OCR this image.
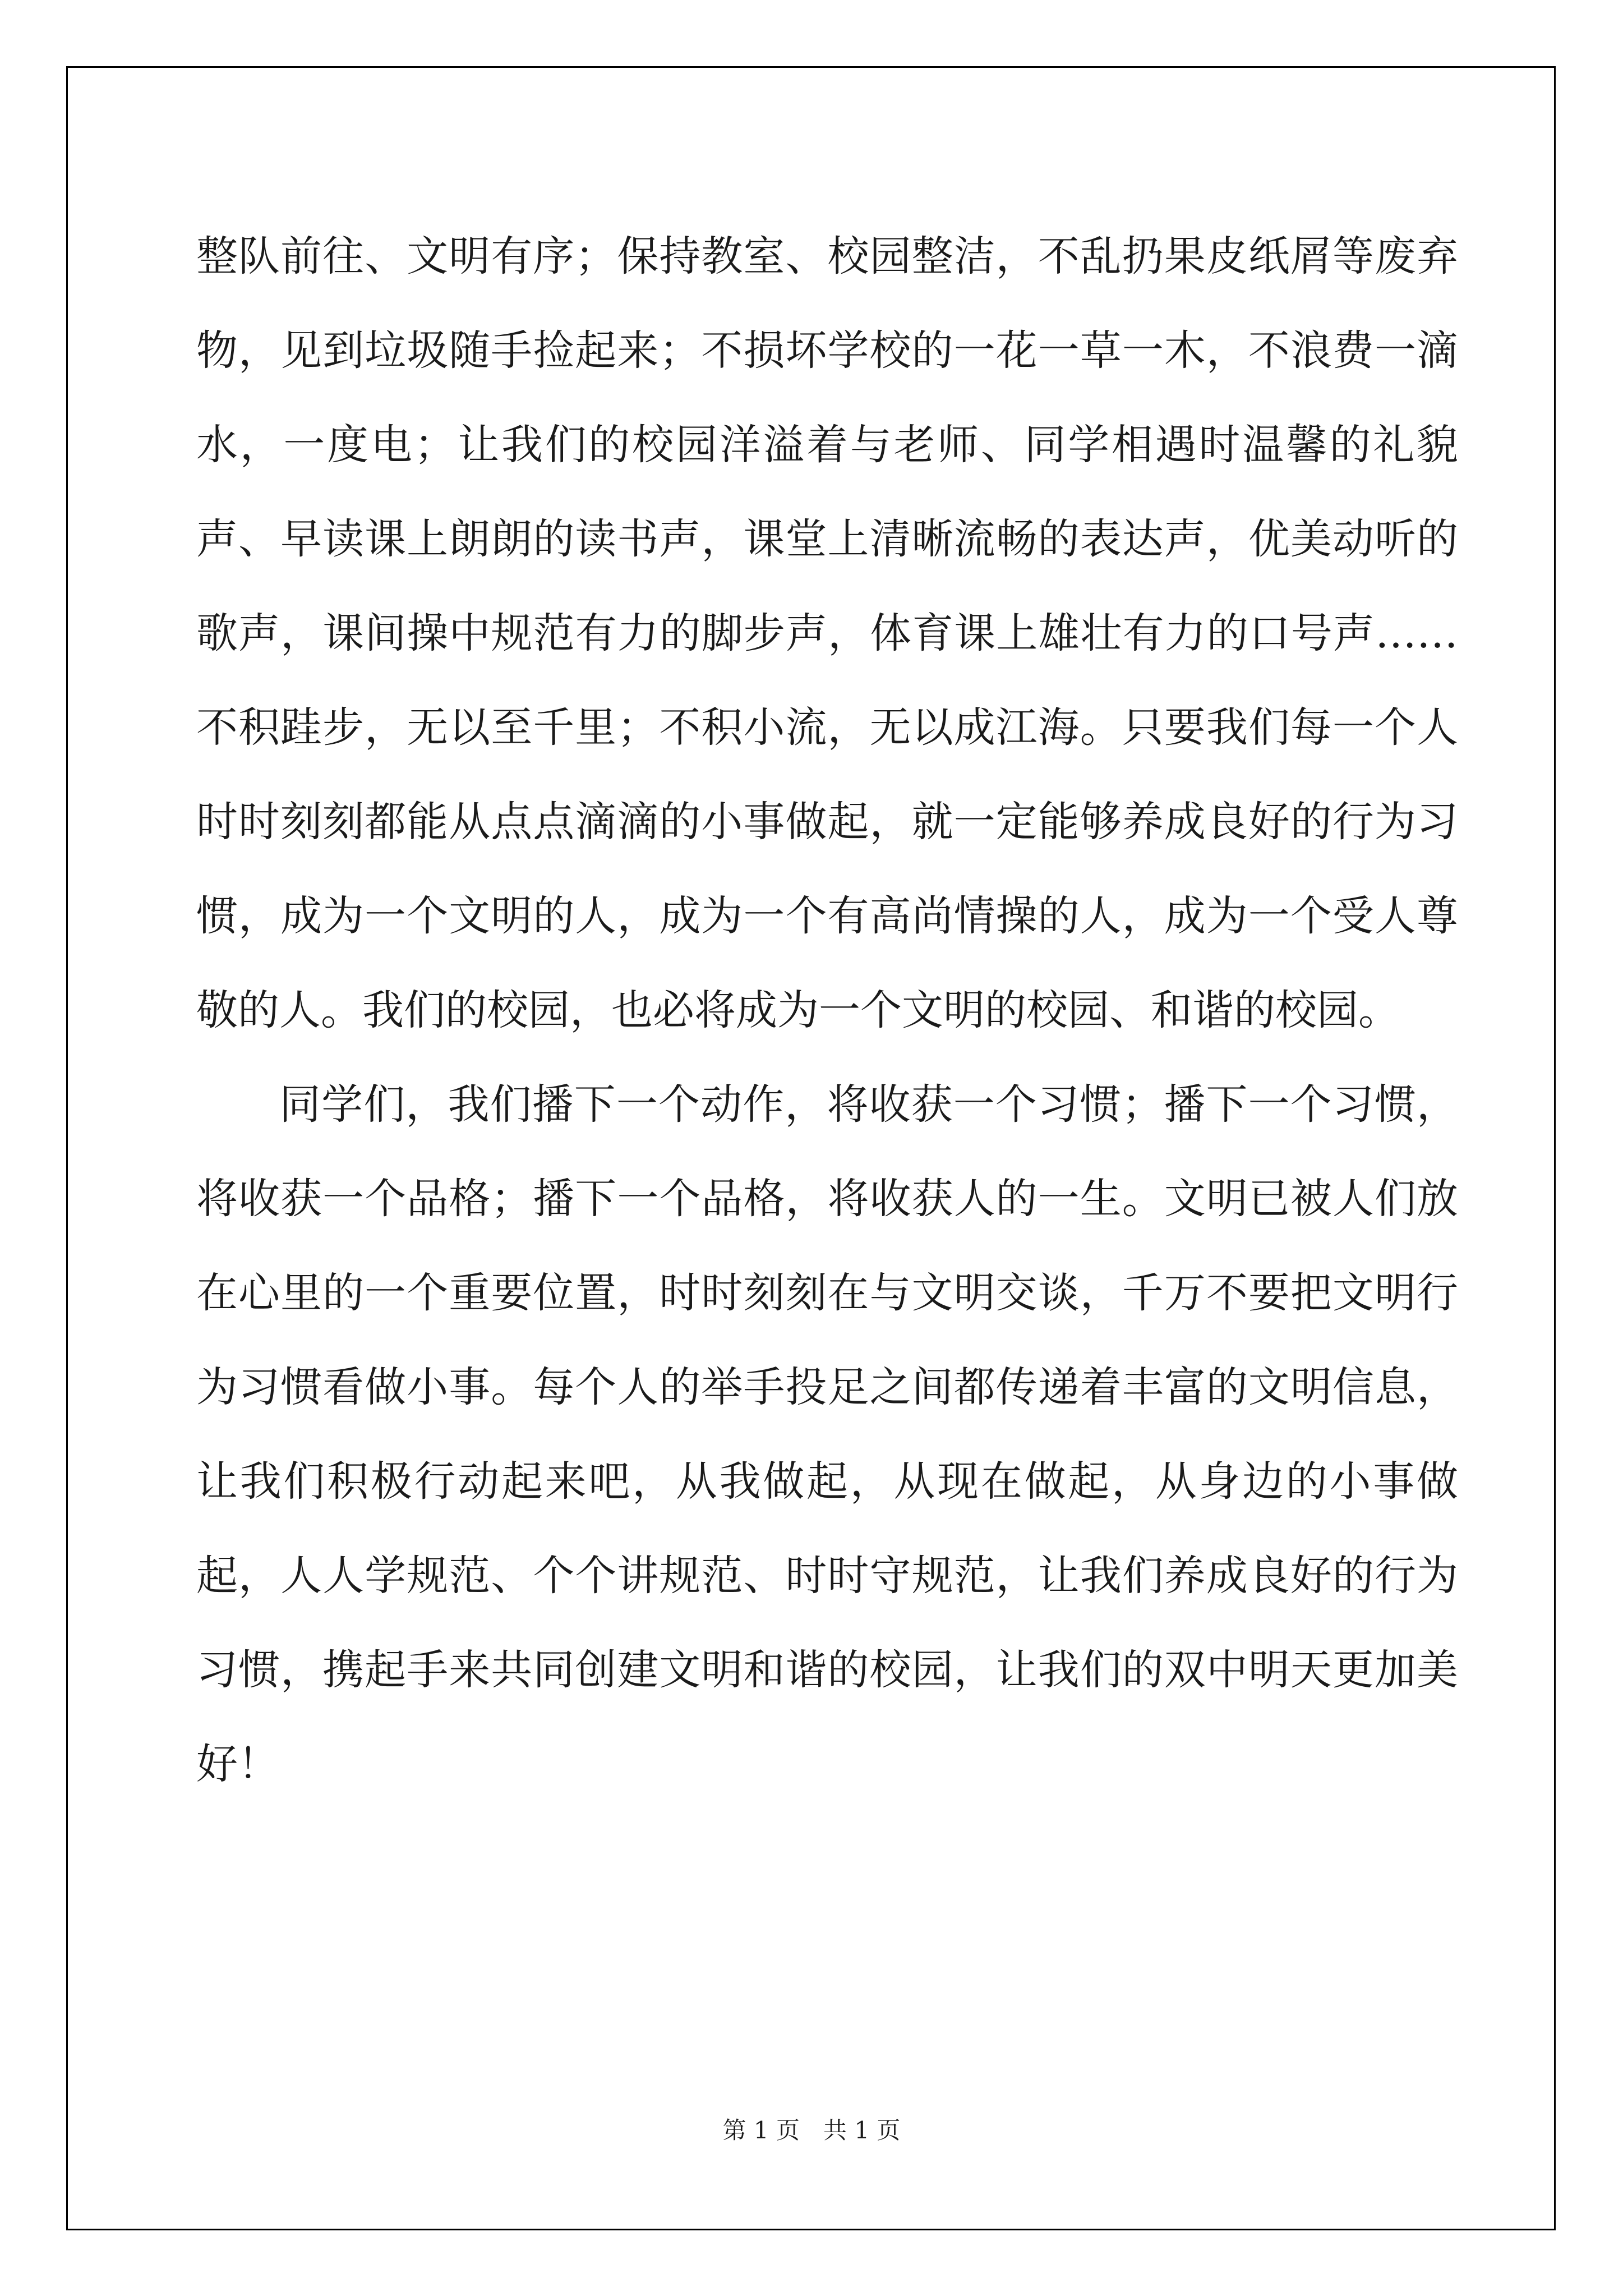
整队前往、文明有序；保持教室、校园整洁，不乱扔果皮纸屑等废弃物，见到垃圾随手捡起来；不损坏学校的一花一草一木，不浪费一滴水，一度电；让我们的校园洋溢着与老师、同学相遇时温馨的礼貌声、早读课上朗朗的读书声，课堂上清晰流畅的表达声，优美动听的歌声，课间操中规范有力的脚步声，体育课上雄壮有力的口号声……不积跬步，无以至千里；不积小流，无以成江海。只要我们每一个人时时刻刻都能从点点滴滴的小事做起，就一定能够养成良好的行为习惯，成为一个文明的人，成为一个有高尚情操的人，成为一个受人尊敬的人。我们的校园，也必将成为一个文明的校园、和谐的校园。

同学们，我们播下一个动作，将收获一个习惯；播下一个习惯，将收获一个品格；播下一个品格，将收获人的一生。文明已被人们放在心里的一个重要位置，时时刻刻在与文明交谈，千万不要把文明行为习惯看做小事。每个人的举手投足之间都传递着丰富的文明信息，让我们积极行动起来吧，从我做起，从现在做起，从身边的小事做起，人人学规范、个个讲规范、时时守规范，让我们养成良好的行为习惯，携起手来共同创建文明和谐的校园，让我们的双中明天更加美好！

第 1 页　共 1 页
